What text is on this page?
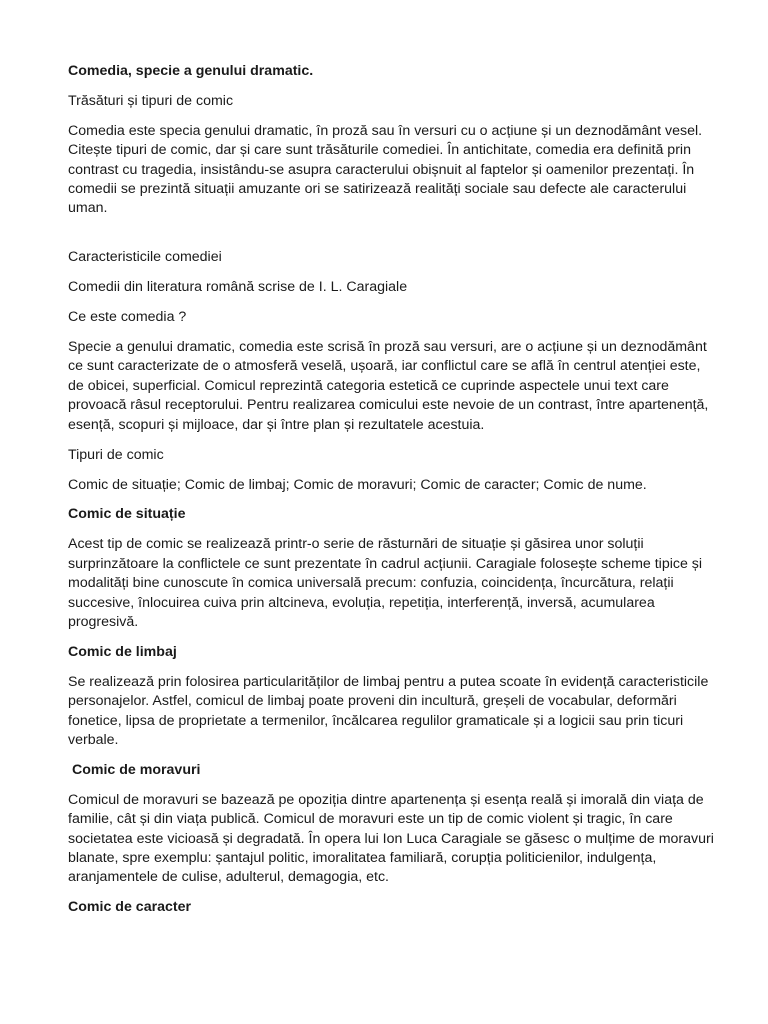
Comedia, specie a genului dramatic.

Trăsături și tipuri de comic

Comedia este specia genului dramatic, în proză sau în versuri cu o acțiune și un deznodământ vesel. Citește tipuri de comic, dar și care sunt trăsăturile comediei. În antichitate, comedia era definită prin contrast cu tragedia, insistându-se asupra caracterului obișnuit al faptelor și oamenilor prezentați. În comedii se prezintă situații amuzante ori se satirizează realități sociale sau defecte ale caracterului uman.

Caracteristicile comediei

Comedii din literatura română scrise de I. L. Caragiale

Ce este comedia ?

Specie a genului dramatic, comedia este scrisă în proză sau versuri, are o acțiune și un deznodământ ce sunt caracterizate de o atmosferă veselă, ușoară, iar conflictul care se află în centrul atenției este, de obicei, superficial. Comicul reprezintă categoria estetică ce cuprinde aspectele unui text care provoacă râsul receptorului. Pentru realizarea comicului este nevoie de un contrast, între apartenență, esență, scopuri și mijloace, dar și între plan și rezultatele acestuia.

Tipuri de comic

Comic de situație; Comic de limbaj; Comic de moravuri; Comic de caracter; Comic de nume.

Comic de situație

Acest tip de comic se realizează printr-o serie de răsturnări de situație și găsirea unor soluții surprinzătoare la conflictele ce sunt prezentate în cadrul acțiunii. Caragiale folosește scheme tipice și modalități bine cunoscute în comica universală precum: confuzia, coincidența, încurcătura, relații succesive, înlocuirea cuiva prin altcineva, evoluția, repetiția, interferență, inversă, acumularea progresivă.

Comic de limbaj

Se realizează prin folosirea particularităților de limbaj pentru a putea scoate în evidență caracteristicile personajelor. Astfel, comicul de limbaj poate proveni din incultură, greșeli de vocabular, deformări fonetice, lipsa de proprietate a termenilor, încălcarea regulilor gramaticale și a logicii sau prin ticuri verbale.

Comic de moravuri

Comicul de moravuri se bazează pe opoziția dintre apartenența și esența reală și imorală din viața de familie, cât și din viața publică. Comicul de moravuri este un tip de comic violent și tragic, în care societatea este vicioasă și degradată. În opera lui Ion Luca Caragiale se găsesc o mulțime de moravuri blanate, spre exemplu: șantajul politic, imoralitatea familiară, corupția politicienilor, indulgența, aranjamentele de culise, adulterul, demagogia, etc.

Comic de caracter
